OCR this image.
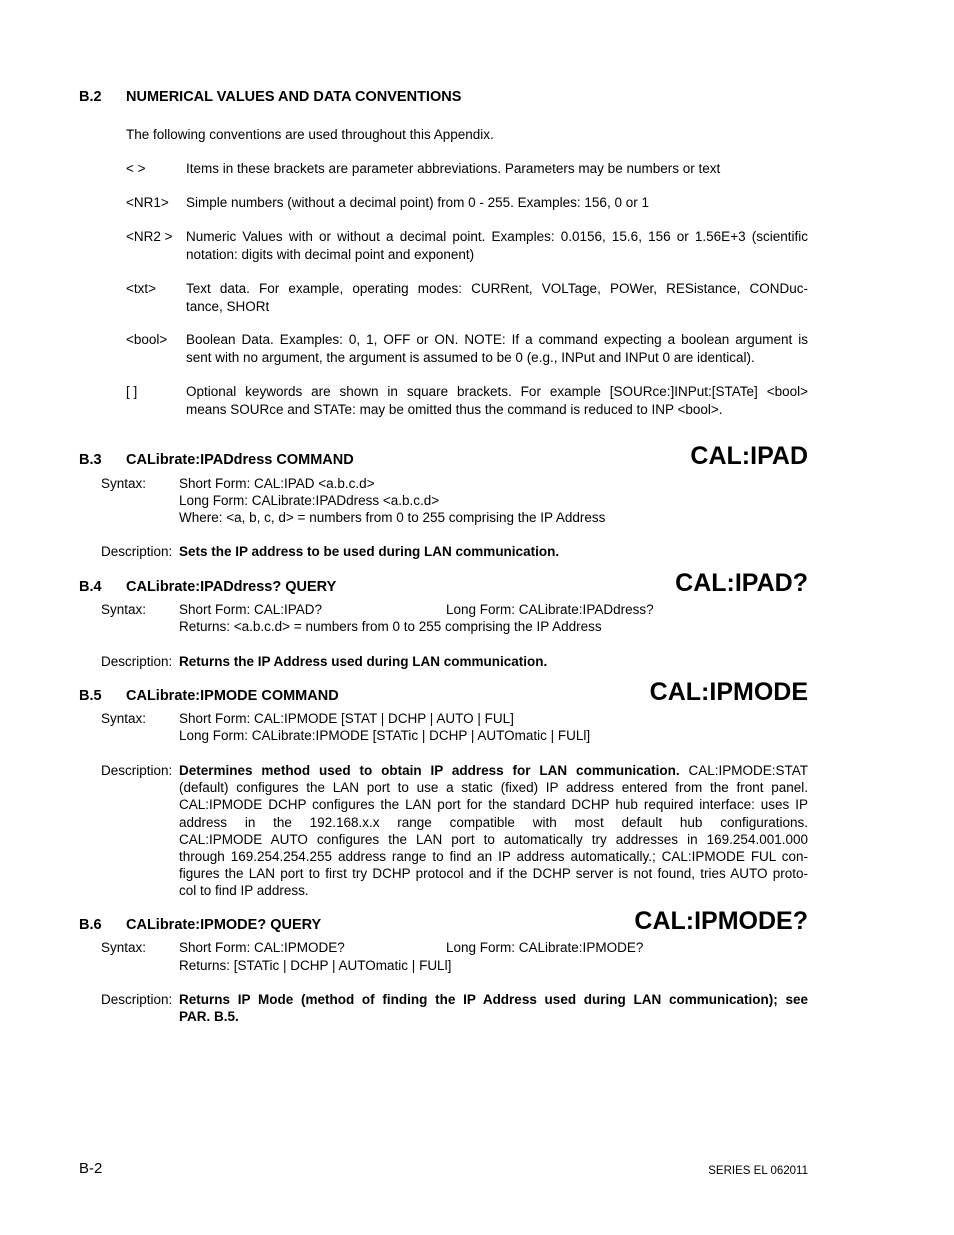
B.2 NUMERICAL VALUES AND DATA CONVENTIONS
The following conventions are used throughout this Appendix.
< >	Items in these brackets are parameter abbreviations. Parameters may be numbers or text
<NR1> Simple numbers (without a decimal point) from 0 - 255. Examples: 156, 0 or 1
<NR2 > Numeric Values with or without a decimal point. Examples: 0.0156, 15.6, 156 or 1.56E+3 (scientific
notation: digits with decimal point and exponent)
<txt> Text data. For example, operating modes: CURRent, VOLTage, POWer, RESistance, CONDuc-
tance, SHORt
<bool> Boolean Data. Examples: 0, 1, OFF or ON. NOTE: If a command expecting a boolean argument is
sent with no argument, the argument is assumed to be 0 (e.g., INPut and INPut 0 are identical).
[ ]	Optional keywords are shown in square brackets. For example [SOURce:]INPut:[STATe] <bool>
means SOURce and STATe: may be omitted thus the command is reduced to INP <bool>.
B.3 CALibrate:IPADdress COMMAND	CAL:IPAD
Syntax: Short Form: CAL:IPAD <a.b.c.d>
Long Form: CALibrate:IPADdress <a.b.c.d>
Where: <a, b, c, d> = numbers from 0 to 255 comprising the IP Address
Description: Sets the IP address to be used during LAN communication.
B.4 CALibrate:IPADdress? QUERY	CAL:IPAD?
Syntax: Short Form: CAL:IPAD?	Long Form: CALibrate:IPADdress?
Returns: <a.b.c.d> = numbers from 0 to 255 comprising the IP Address
Description: Returns the IP Address used during LAN communication.
B.5 CALibrate:IPMODE COMMAND	CAL:IPMODE
Syntax: Short Form: CAL:IPMODE [STAT | DCHP | AUTO | FUL]
Long Form: CALibrate:IPMODE [STATic | DCHP | AUTOmatic | FULl]
Description: Determines method used to obtain IP address for LAN communication. CAL:IPMODE:STAT
(default) configures the LAN port to use a static (fixed) IP address entered from the front panel.
CAL:IPMODE DCHP configures the LAN port for the standard DCHP hub required interface: uses IP
address in the 192.168.x.x range compatible with most default hub configurations.
CAL:IPMODE AUTO configures the LAN port to automatically try addresses in 169.254.001.000
through 169.254.254.255 address range to find an IP address automatically.; CAL:IPMODE FUL con-
figures the LAN port to first try DCHP protocol and if the DCHP server is not found, tries AUTO proto-
col to find IP address.
B.6 CALibrate:IPMODE? QUERY	CAL:IPMODE?
Syntax: Short Form: CAL:IPMODE?	Long Form: CALibrate:IPMODE?
Returns: [STATic | DCHP | AUTOmatic | FULl]
Description: Returns IP Mode (method of finding the IP Address used during LAN communication); see
PAR. B.5.
B-2	SERIES EL 062011
